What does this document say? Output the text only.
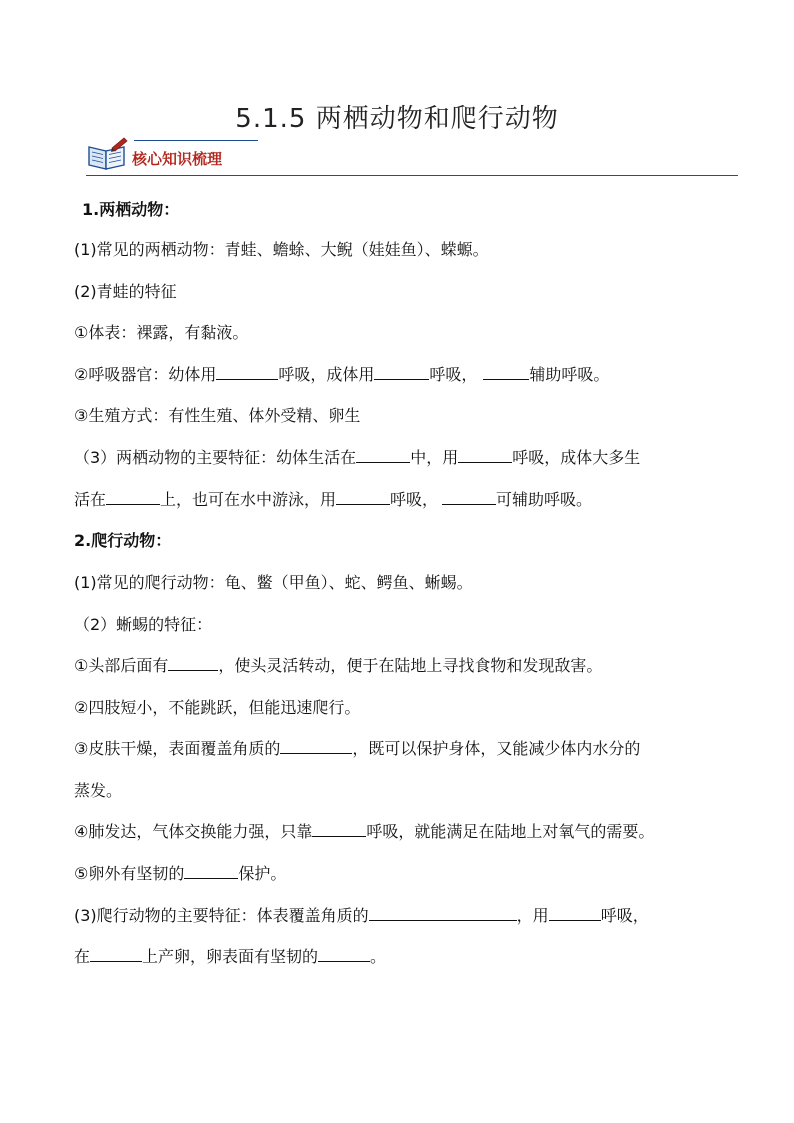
5.1.5 两栖动物和爬行动物
核心知识梳理
1.两栖动物：
(1)常见的两栖动物：青蛙、蟾蜍、大鲵（娃娃鱼）、蝾螈。
(2)青蛙的特征
①体表：裸露，有黏液。
②呼吸器官：幼体用	呼吸，成体用	呼吸，	辅助呼吸。
③生殖方式：有性生殖、体外受精、卵生
（3）两栖动物的主要特征：幼体生活在	中，用	呼吸，成体大多生
活在	上，也可在水中游泳，用	呼吸，	可辅助呼吸。
2.爬行动物：
(1)常见的爬行动物：龟、鳖（甲鱼）、蛇、鳄鱼、蜥蜴。
（2）蜥蜴的特征：
①头部后面有	，使头灵活转动，便于在陆地上寻找食物和发现敌害。
②四肢短小，不能跳跃，但能迅速爬行。
③皮肤干燥，表面覆盖角质的	，既可以保护身体，又能减少体内水分的
蒸发。
④肺发达，气体交换能力强，只靠	呼吸，就能满足在陆地上对氧气的需要。
⑤卵外有坚韧的	保护。
(3)爬行动物的主要特征：体表覆盖角质的	，用	呼吸，
在	上产卵，卵表面有坚韧的	。
